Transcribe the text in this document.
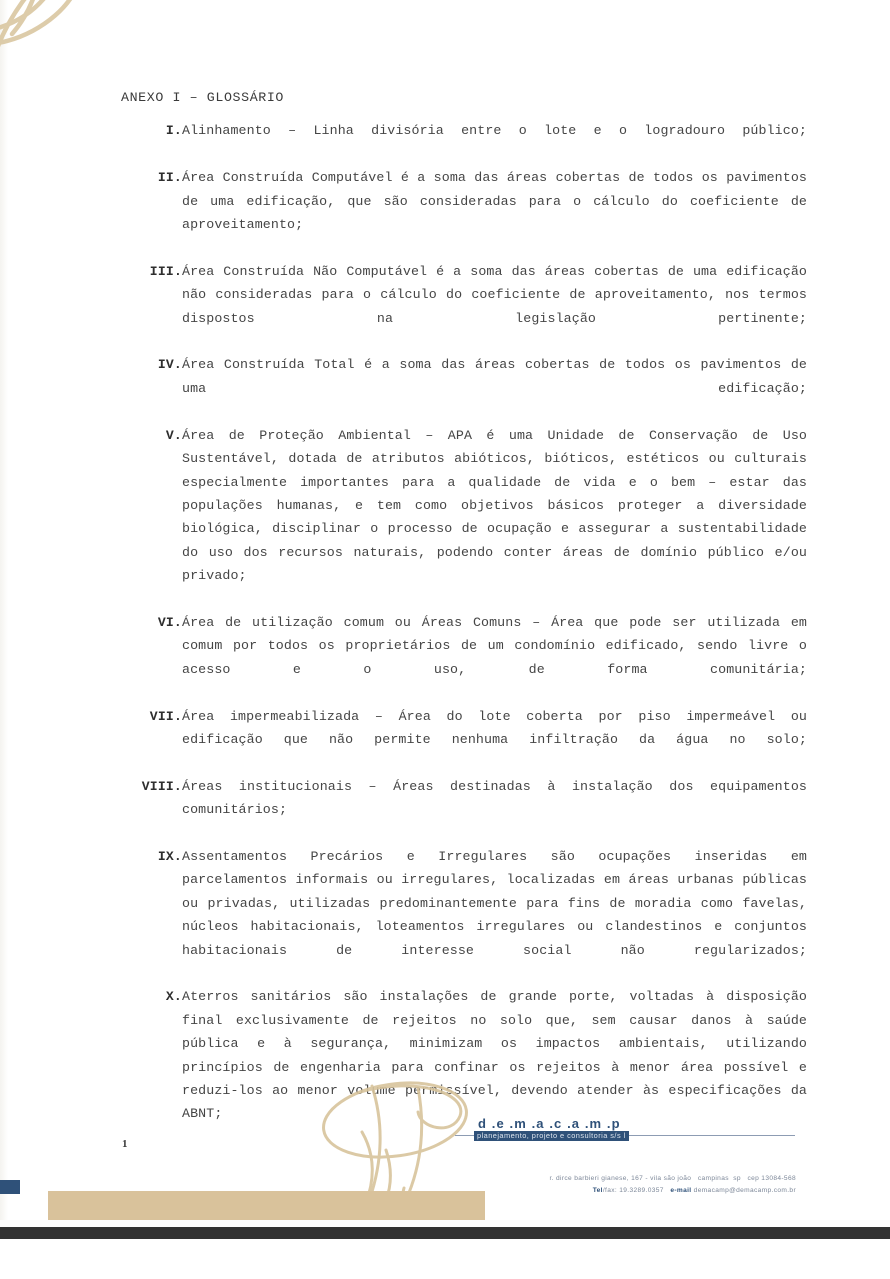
ANEXO I – GLOSSÁRIO
I. Alinhamento – Linha divisória entre o lote e o logradouro público;
II. Área Construída Computável é a soma das áreas cobertas de todos os pavimentos de uma edificação, que são consideradas para o cálculo do coeficiente de aproveitamento;
III. Área Construída Não Computável é a soma das áreas cobertas de uma edificação não consideradas para o cálculo do coeficiente de aproveitamento, nos termos dispostos na legislação pertinente;
IV. Área Construída Total é a soma das áreas cobertas de todos os pavimentos de uma edificação;
V. Área de Proteção Ambiental – APA é uma Unidade de Conservação de Uso Sustentável, dotada de atributos abióticos, bióticos, estéticos ou culturais especialmente importantes para a qualidade de vida e o bem – estar das populações humanas, e tem como objetivos básicos proteger a diversidade biológica, disciplinar o processo de ocupação e assegurar a sustentabilidade do uso dos recursos naturais, podendo conter áreas de domínio público e/ou privado;
VI. Área de utilização comum ou Áreas Comuns – Área que pode ser utilizada em comum por todos os proprietários de um condomínio edificado, sendo livre o acesso e o uso, de forma comunitária;
VII. Área impermeabilizada – Área do lote coberta por piso impermeável ou edificação que não permite nenhuma infiltração da água no solo;
VIII. Áreas institucionais – Áreas destinadas à instalação dos equipamentos comunitários;
IX. Assentamentos Precários e Irregulares são ocupações inseridas em parcelamentos informais ou irregulares, localizadas em áreas urbanas públicas ou privadas, utilizadas predominantemente para fins de moradia como favelas, núcleos habitacionais, loteamentos irregulares ou clandestinos e conjuntos habitacionais de interesse social não regularizados;
X. Aterros sanitários são instalações de grande porte, voltadas à disposição final exclusivamente de rejeitos no solo que, sem causar danos à saúde pública e à segurança, minimizam os impactos ambientais, utilizando princípios de engenharia para confinar os rejeitos à menor área possível e reduzi-los ao menor volume permissível, devendo atender às especificações da ABNT;
1
d .e .m .a .c .a .m .p
planejamento, projeto e consultoria s/s l
r. dirce barbieri gianese, 167 - vila são joão   campinas  sp   cep 13084-568
Tel/fax: 19.3289.0357   e-mail demacamp@demacamp.com.br
